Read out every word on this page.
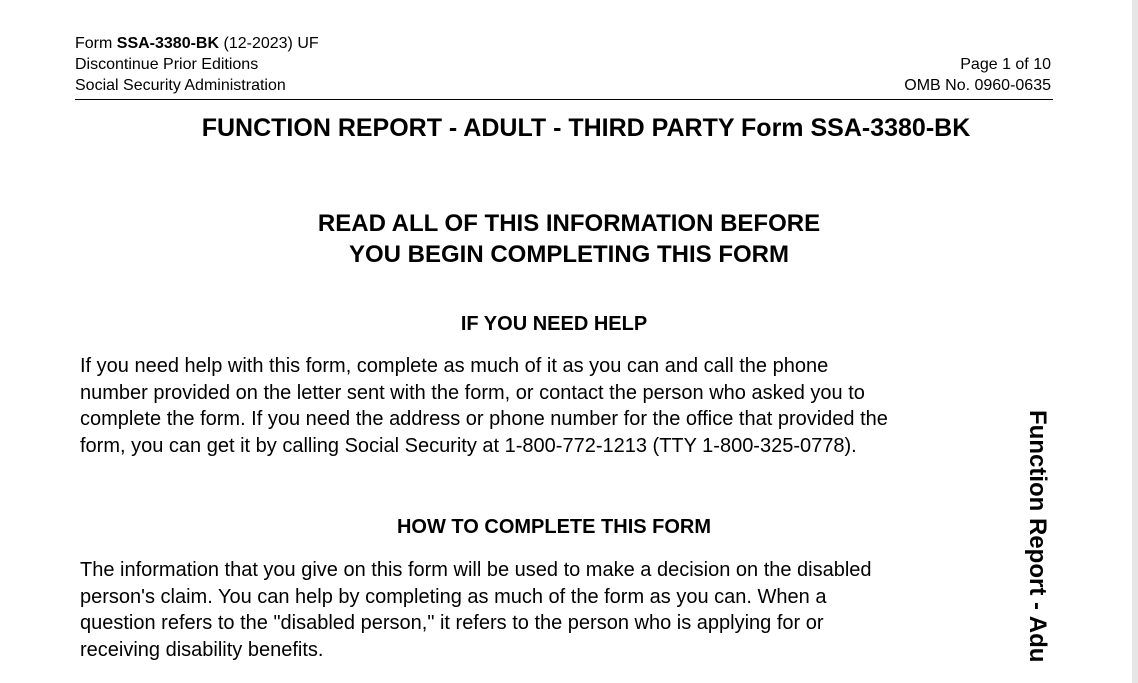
Form SSA-3380-BK (12-2023) UF
Discontinue Prior Editions
Social Security Administration
Page 1 of 10
OMB No. 0960-0635
FUNCTION REPORT - ADULT - THIRD PARTY Form SSA-3380-BK
READ ALL OF THIS INFORMATION BEFORE
YOU BEGIN COMPLETING THIS FORM
IF YOU NEED HELP
If you need help with this form, complete as much of it as you can and call the phone
number provided on the letter sent with the form, or contact the person who asked you to
complete the form. If you need the address or phone number for the office that provided the
form, you can get it by calling Social Security at 1-800-772-1213 (TTY 1-800-325-0778).
HOW TO COMPLETE THIS FORM
The information that you give on this form will be used to make a decision on the disabled
person's claim. You can help by completing as much of the form as you can. When a
question refers to the "disabled person," it refers to the person who is applying for or
receiving disability benefits.	Function Report - Adu
